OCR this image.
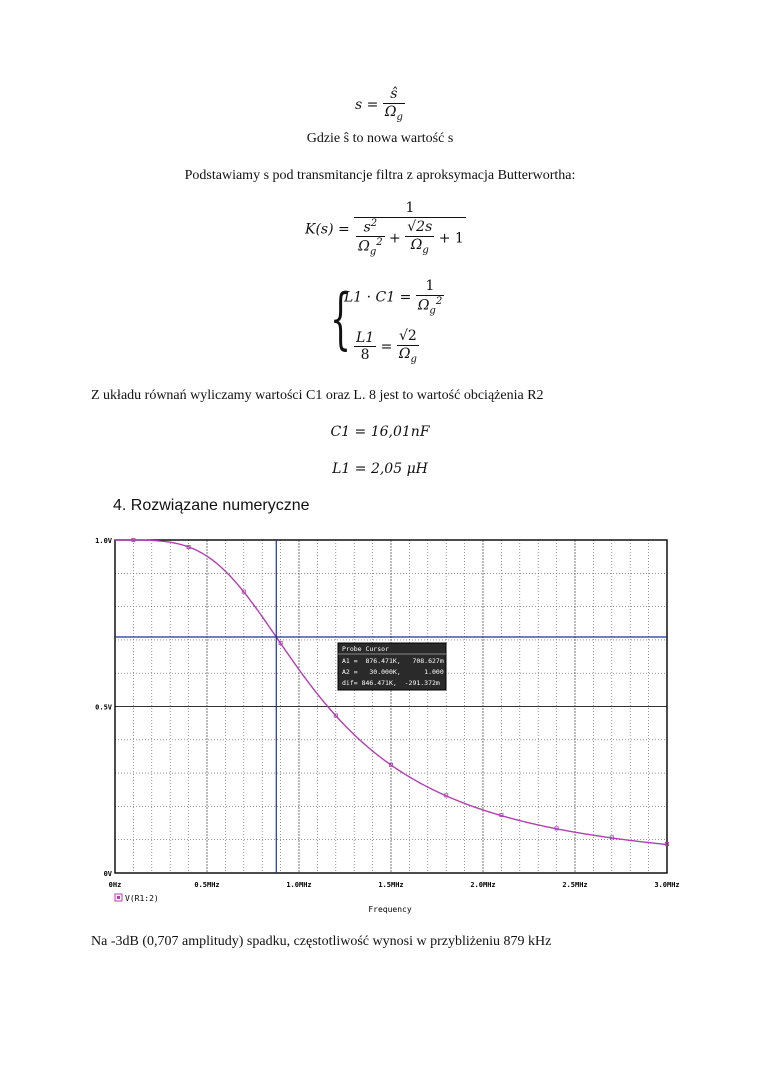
$s = \frac{ŝ}{\Omega_g}$
Gdzie ŝ to nowa wartość s
Podstawiamy s pod transmitancje filtra z aproksymacja Butterwortha:
K(s) =
1
$\frac{s^2}{\Omega_g^2} + \frac{√2s}{\Omega_g} + 1$
{
$L1 \cdot C1 = \frac{1}{\Omega_g^2}$
$\frac{L1}{8} = \frac{√2}{\Omega_g}$
Z układu równań wyliczamy wartości C1 oraz L. 8 jest to wartość obciążenia R2
C1 = 16,01nF
L1 = 2,05 μH
4. Rozwiązane numeryczne
0V
0.5V
1.0V
0Hz	0.5MHz	1.0MHz	1.5MHz	2.0MHz	2.5MHz	3.0MHz
Probe Cursor
A1 =  876.471K,   708.627m
A2 =   30.000K,      1.000
dif= 846.471K,  -291.372m
V(R1:2)
Frequency
Na -3dB (0,707 amplitudy) spadku, częstotliwość wynosi w przybliżeniu 879 kHz
